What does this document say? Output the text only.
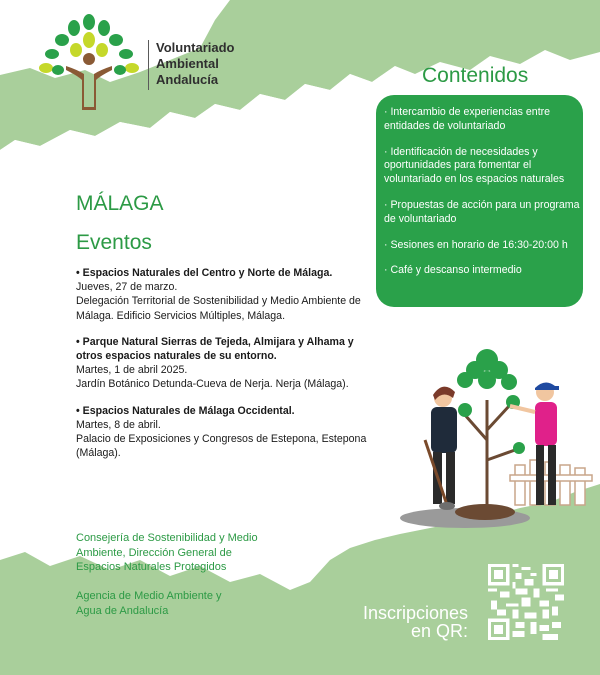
Voluntariado
Ambiental
Andalucía	Contenidos
· Intercambio de experiencias entre entidades de voluntariado
· Identificación de necesidades y oportunidades para fomentar el voluntariado en los espacios naturales
· Propuestas de acción para un programa de voluntariado
· Sesiones en horario de 16:30-20:00 h
· Café y descanso intermedio
MÁLAGA
Eventos
• Espacios Naturales del Centro y Norte de Málaga.
Jueves, 27 de marzo.
Delegación Territorial de Sostenibilidad y Medio Ambiente de Málaga. Edificio Servicios Múltiples, Málaga.
• Parque Natural Sierras de Tejeda, Almijara y Alhama y otros espacios naturales de su entorno.
Martes, 1 de abril 2025.
Jardín Botánico Detunda-Cueva de Nerja. Nerja (Málaga).
• Espacios Naturales de Málaga Occidental.
Martes, 8 de abril.
Palacio de Exposiciones y Congresos de Estepona, Estepona (Málaga).
Consejería de Sostenibilidad y Medio
Ambiente, Dirección General de
Espacios Naturales Protegidos
Agencia de Medio Ambiente y
Agua de Andalucía	Inscripciones
en QR:
